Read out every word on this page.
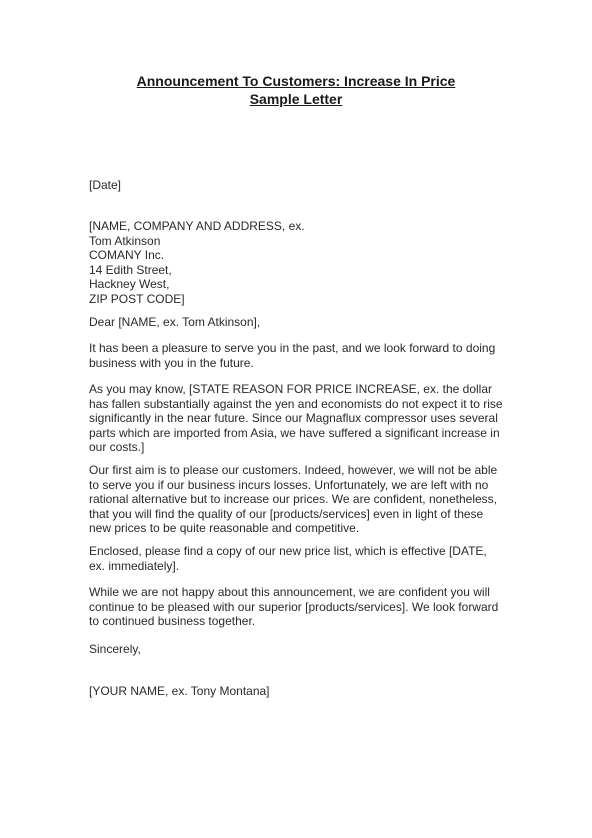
Announcement To Customers: Increase In Price
Sample Letter
[Date]
[NAME, COMPANY AND ADDRESS, ex.
Tom Atkinson
COMANY Inc.
14 Edith Street,
Hackney West,
ZIP POST CODE]
Dear [NAME, ex. Tom Atkinson],
It has been a pleasure to serve you in the past, and we look forward to doing
business with you in the future.
As you may know, [STATE REASON FOR PRICE INCREASE, ex. the dollar
has fallen substantially against the yen and economists do not expect it to rise
significantly in the near future. Since our Magnaflux compressor uses several
parts which are imported from Asia, we have suffered a significant increase in
our costs.]
Our first aim is to please our customers. Indeed, however, we will not be able
to serve you if our business incurs losses. Unfortunately, we are left with no
rational alternative but to increase our prices. We are confident, nonetheless,
that you will find the quality of our [products/services] even in light of these
new prices to be quite reasonable and competitive.
Enclosed, please find a copy of our new price list, which is effective [DATE,
ex. immediately].
While we are not happy about this announcement, we are confident you will
continue to be pleased with our superior [products/services]. We look forward
to continued business together.
Sincerely,
[YOUR NAME, ex. Tony Montana]
